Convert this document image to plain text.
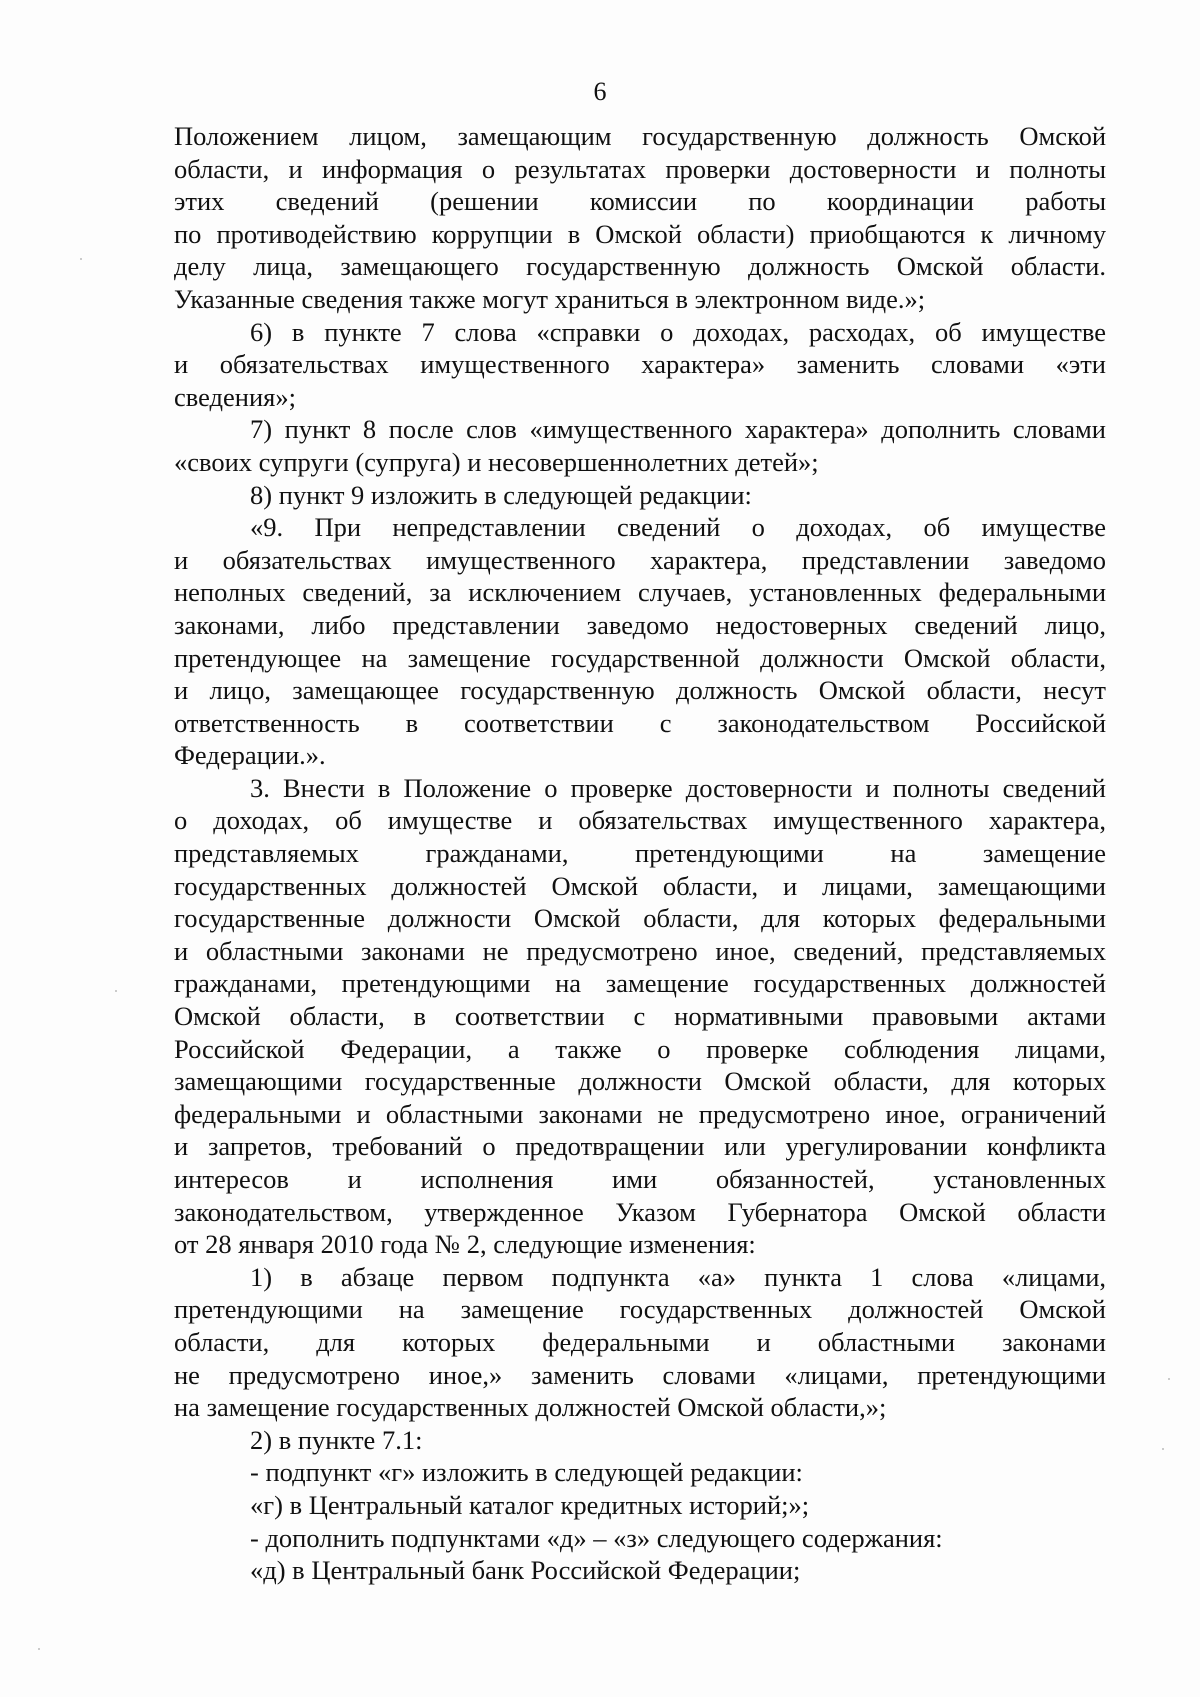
6
Положением лицом, замещающим государственную должность Омской
области, и информация о результатах проверки достоверности и полноты
этих сведений (решении комиссии по координации работы
по противодействию коррупции в Омской области) приобщаются к личному
делу лица, замещающего государственную должность Омской области.
Указанные сведения также могут храниться в электронном виде.»;
6) в пункте 7 слова «справки о доходах, расходах, об имуществе
и обязательствах имущественного характера» заменить словами «эти
сведения»;
7) пункт 8 после слов «имущественного характера» дополнить словами
«своих супруги (супруга) и несовершеннолетних детей»;
8) пункт 9 изложить в следующей редакции:
«9. При непредставлении сведений о доходах, об имуществе
и обязательствах имущественного характера, представлении заведомо
неполных сведений, за исключением случаев, установленных федеральными
законами, либо представлении заведомо недостоверных сведений лицо,
претендующее на замещение государственной должности Омской области,
и лицо, замещающее государственную должность Омской области, несут
ответственность в соответствии с законодательством Российской
Федерации.».
3. Внести в Положение о проверке достоверности и полноты сведений
о доходах, об имуществе и обязательствах имущественного характера,
представляемых гражданами, претендующими на замещение
государственных должностей Омской области, и лицами, замещающими
государственные должности Омской области, для которых федеральными
и областными законами не предусмотрено иное, сведений, представляемых
гражданами, претендующими на замещение государственных должностей
Омской области, в соответствии с нормативными правовыми актами
Российской Федерации, а также о проверке соблюдения лицами,
замещающими государственные должности Омской области, для которых
федеральными и областными законами не предусмотрено иное, ограничений
и запретов, требований о предотвращении или урегулировании конфликта
интересов и исполнения ими обязанностей, установленных
законодательством, утвержденное Указом Губернатора Омской области
от 28 января 2010 года № 2, следующие изменения:
1) в абзаце первом подпункта «а» пункта 1 слова «лицами,
претендующими на замещение государственных должностей Омской
области, для которых федеральными и областными законами
не предусмотрено иное,» заменить словами «лицами, претендующими
на замещение государственных должностей Омской области,»;
2) в пункте 7.1:
- подпункт «г» изложить в следующей редакции:
«г) в Центральный каталог кредитных историй;»;
- дополнить подпунктами «д» – «з» следующего содержания:
«д) в Центральный банк Российской Федерации;
